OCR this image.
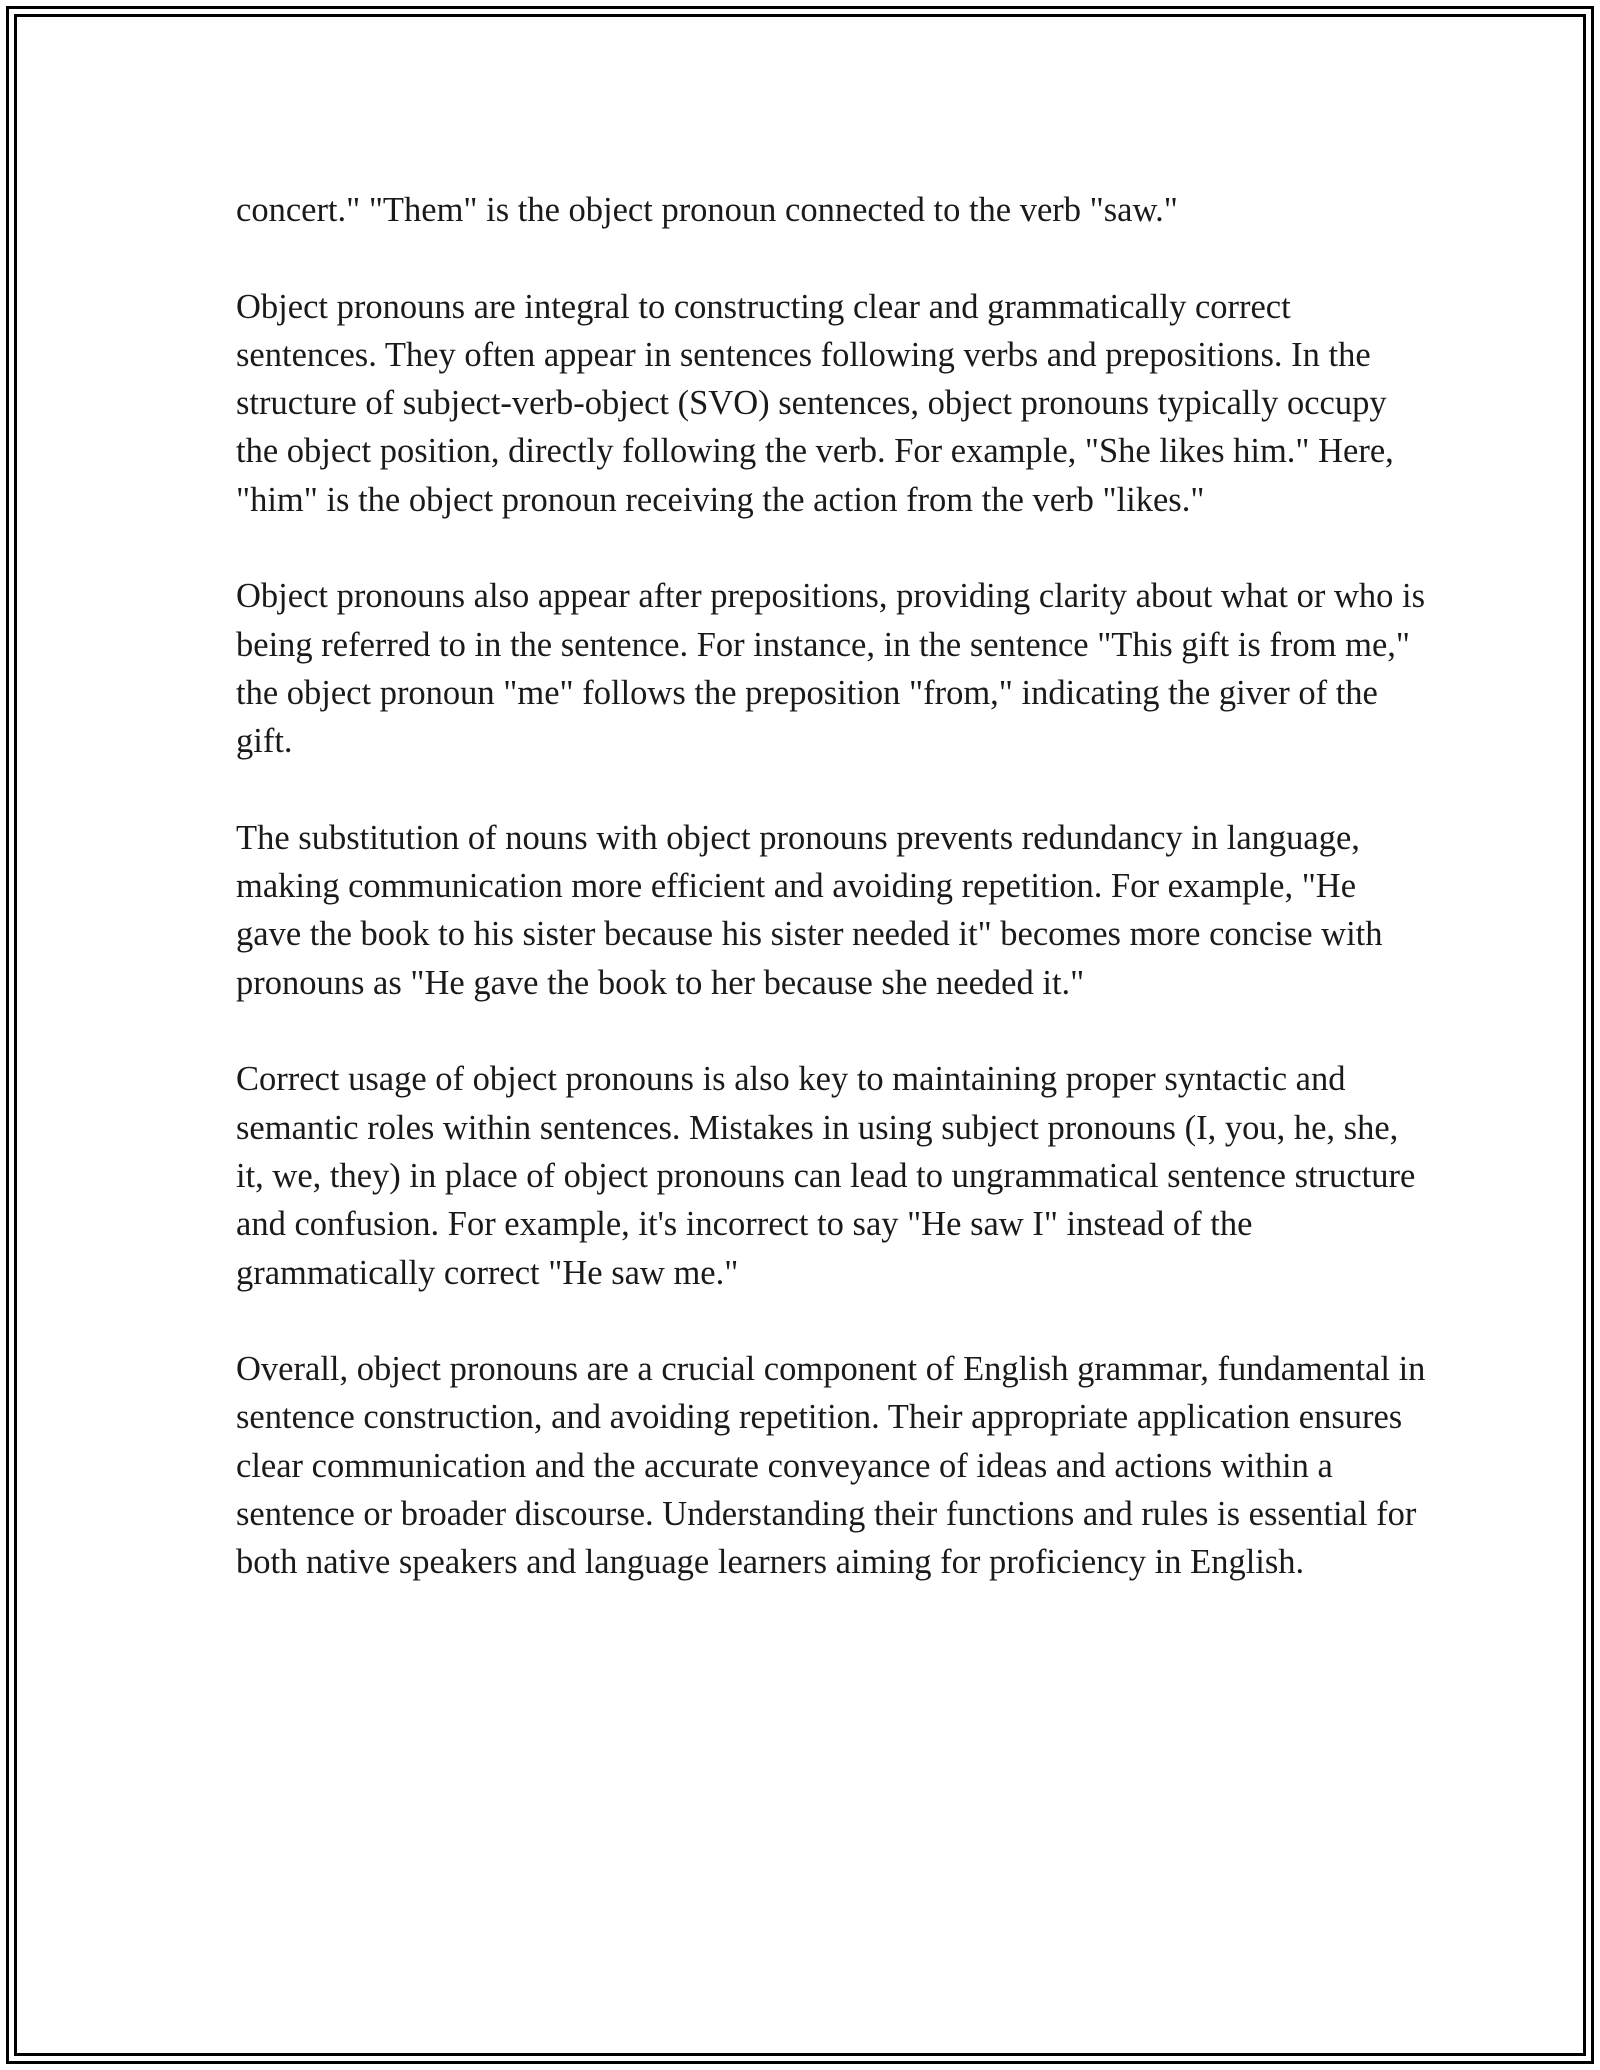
concert." "Them" is the object pronoun connected to the verb "saw."

Object pronouns are integral to constructing clear and grammatically correct sentences. They often appear in sentences following verbs and prepositions. In the structure of subject-verb-object (SVO) sentences, object pronouns typically occupy the object position, directly following the verb. For example, "She likes him." Here, "him" is the object pronoun receiving the action from the verb "likes."

Object pronouns also appear after prepositions, providing clarity about what or who is being referred to in the sentence. For instance, in the sentence "This gift is from me," the object pronoun "me" follows the preposition "from," indicating the giver of the gift.

The substitution of nouns with object pronouns prevents redundancy in language, making communication more efficient and avoiding repetition. For example, "He gave the book to his sister because his sister needed it" becomes more concise with pronouns as "He gave the book to her because she needed it."

Correct usage of object pronouns is also key to maintaining proper syntactic and semantic roles within sentences. Mistakes in using subject pronouns (I, you, he, she, it, we, they) in place of object pronouns can lead to ungrammatical sentence structure and confusion. For example, it's incorrect to say "He saw I" instead of the grammatically correct "He saw me."

Overall, object pronouns are a crucial component of English grammar, fundamental in sentence construction, and avoiding repetition. Their appropriate application ensures clear communication and the accurate conveyance of ideas and actions within a sentence or broader discourse. Understanding their functions and rules is essential for both native speakers and language learners aiming for proficiency in English.
